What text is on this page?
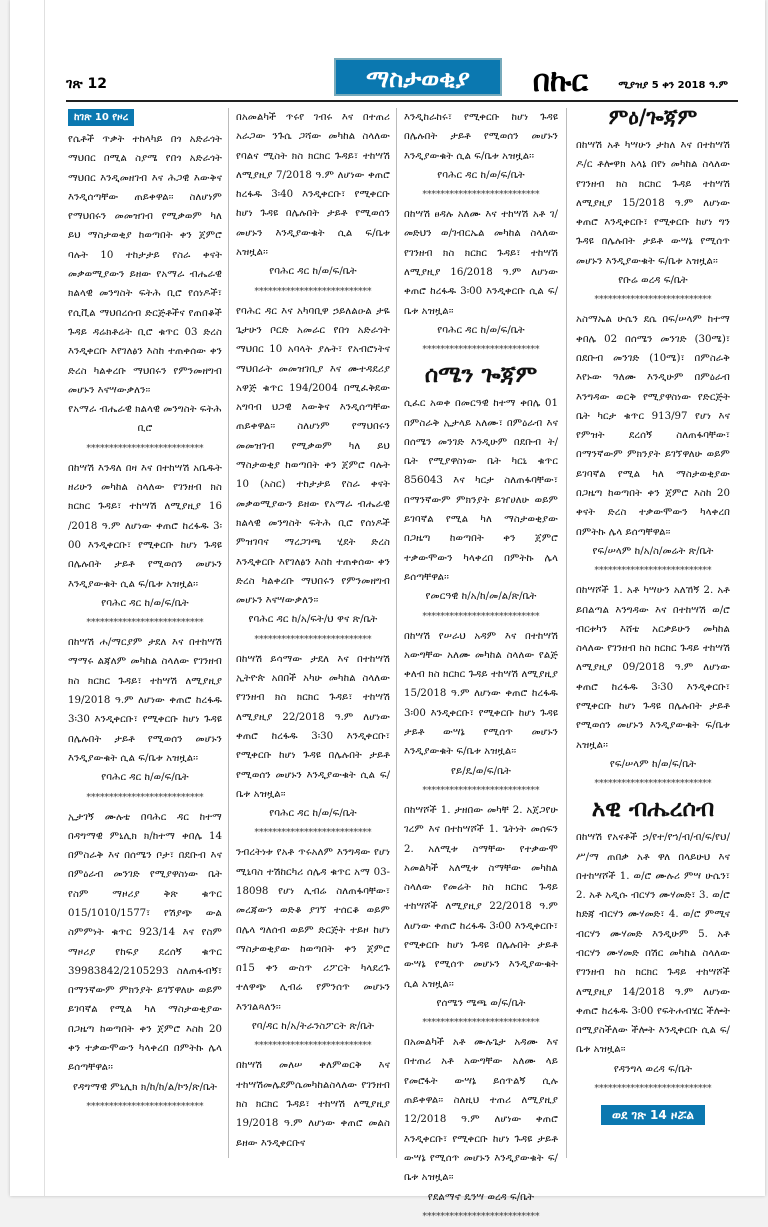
ገጽ 12	ማስታወቂያ	በኩር	ሚያዝያ 5 ቀን 2018 ዓ.ም
ከገጽ 10 የዞረ

የሴቶች ጥቃት ተከላካይ በጎ አድራጎት ማህበር በሚል ስያሜ የበጎ አድራጎት ማህበር እንዲመዘገብ እና ሕጋዊ እውቅና እንዲሰጣቸው ጠይቀዋል፡፡ ስለሆነም የማህበሩን መመዝገብ የሚቃወም ካለ ይህ ማስታወቂያ ከወጣበት ቀን ጀምሮ ባሉት 10 ተከታታይ የስራ ቀናት መቃወሚያውን ይዘው የአማራ ብሔራዊ ክልላዊ መንግስት ፍትሕ ቢሮ የሰነዶች፣ የሲቪል ማህበረሰብ ድርጅቶችና የጠበቆች ጉዳይ ዳሬክቶሬት ቢሮ ቁጥር 03 ድረስ እንዲቀርቡ እየገለፅን እስከ ተጠቀሰው ቀን ድረስ ካልቀረቡ ማህበሩን የምንመዘግብ መሆኑን እናሣውቃለን፡፡

የአማራ ብሔራዊ ክልላዊ መንግስት ፍትሕ ቢሮ

**************************

በከሣሽ እንዳለ በዛ እና በተከሣሽ አቤዱት ዘሪሁን መካከል ስላለው የገንዘብ ክስ ክርክር ጉዳይ፣ ተከሣሽ ለሚያዚያ 16 /2018 ዓ.ም ለሆነው ቀጠሮ ከረፋዱ 3፡00 እንዲቀርቡ፣ የሚቀርቡ ከሆነ ጉዳዩ በሌሉበት ታይቶ የሚወሰን መሆኑን እንዲያውቁት ሲል ፍ/ቤቱ አዝዟል፡፡

የባሕር ዳር ከ/ወ/ፍ/ቤት

**************************

በከሣሽ ሐ/ማርያም ታደለ እና በተከሣሽ ማማሩ ልጃለም መካከል ስላለው የገንዘብ ክስ ክርክር ጉዳይ፣ ተከሣሽ ለሚያዚያ 19/2018 ዓ.ም ለሆነው ቀጠሮ ከረፋዱ 3፡30 እንዲቀርቡ፣ የሚቀርቡ ከሆነ ጉዳዩ በሌሉበት ታይቶ የሚወሰን መሆኑን እንዲያውቁት ሲል ፍ/ቤቱ አዝዟል፡፡

የባሕር ዳር ከ/ወ/ፍ/ቤት

**************************

ኢታገኝ ሙሉቴ በባሕር ዳር ከተማ በዳግማዊ ምኒሊክ ክ/ከተማ ቀበሌ 14 በምስራቅ እና በሰሜን ቦታ፣ በደቡብ እና በምዕራብ መንገድ የሚያዋስነው ቤት የስም ማዞሪያ ቅጽ ቁጥር 015/1010/1577፣ የሽያጭ ውል ስምምነት ቁጥር 923/14 እና የስም ማዞሪያ የከፍያ ደረሰኝ ቁጥር 39983842/2105293 ስለጠፋብኝ፣ በማንኛውም ምክንያት ይገኘዋለሁ ወይም ይገባኛል የሚል ካለ ማስታወቂያው በጋዜጣ ከወጣበት ቀን ጀምሮ እስከ 20 ቀን ተቃውሞውን ካላቀረበ በምትኩ ሌላ ይሰጣቸዋል፡፡

የዳግማዊ ምኒሊክ ክ/ከ/ከ/ል/ኮን/ጽ/ቤት

**************************

በአመልካች ጥሩየ ገብሩ እና በተጠሪ አራጋው ንጉሴ ጋሻው መካከል ስላለው የባልና ሚስት ክስ ክርክር ጉዳይ፣ ተከሣሽ ለሚያዚያ 7/2018 ዓ.ም ለሆነው ቀጠሮ ከረፋዱ 3፡40 እንዲቀርቡ፣ የሚቀርቡ ከሆነ ጉዳዩ በሌሉበት ታይቶ የሚወሰን መሆኑን እንዲያውቁት ሲል ፍ/ቤቱ አዝዟል፡፡

የባሕር ዳር ከ/ወ/ፍ/ቤት

**************************

የባሕር ዳር እና አካባቢዋ ኃይለልዑል ታዬ ጌታሁን ቦርድ አመራር የበጎ አድራጎት ማህበር 10 አባላት ያሉት፣ የአብሮነትና ማህበራት መመዝገቢያ እና ሙተዳደሪያ አዋጅ ቁጥር 194/2004 በሚፈቅደው አግባብ ህጋዊ እውቅና እንዲሰጣቸው ጠይቀዋል፡፡ ስለሆነም የማህበሩን መመዝገብ የሚቃወም ካለ ይህ ማስታወቂያ ከወጣበት ቀን ጀምሮ ባሉት 10 (አስር) ተከታታይ የስራ ቀናት መቃወሚያውን ይዘው የአማራ ብሔራዊ ክልላዊ መንግስት ፍትሕ ቢሮ የሰነዶች ምዝገባና ማረጋገጫ ሂደት ድረስ እንዲቀርቡ እየገለፅን እስከ ተጠቀሰው ቀን ድረስ ካልቀረቡ ማህበሩን የምንመዘግብ መሆኑን እናሣውቃለን፡፡

የባሕር ዳር ከ/አ/ፍት/ህ ዋና ጽ/ቤት

**************************

በከሣሽ ይሳማው ታደለ እና በተከሣሽ ኢትዮጵ አበበች አካሁ መካከል ስላለው የገንዘብ ክስ ክርክር ጉዳይ፣ ተከሣሽ ለሚያዚያ 22/2018 ዓ.ም ለሆነው ቀጠሮ ከረፋዱ 3፡30 እንዲቀርቡ፣ የሚቀርቡ ከሆነ ጉዳዩ በሌሉበት ታይቶ የሚወሰን መሆኑን እንዲያውቁት ሲል ፍ/ቤቱ አዝዟል፡፡

የባሕር ዳር ከ/ወ/ፍ/ቤት

**************************

ንብረትነቱ የአቶ ጥሩአለም እንግዳው የሆነ ሚኒባስ ተሽከርካሪ ሰሌዳ ቁጥር አማ 03-18098 የሆነ ሊብሬ ስለጠፋባቸው፣ መረጃውን ወድቆ ያገኘ ተሰርቆ ወይም በሌላ ግለሰብ ወይም ድርጅት ተይዞ ከሆነ ማስታወቂያው ከወጣበት ቀን ጀምሮ በ15 ቀን ውስጥ ሪፖርት ካላደረጉ ተለዋጭ ሊብሬ የምንሰጥ መሆኑን እንገልጻለን፡፡

የባ/ዳር ከ/አ/ትራንስፖርት ጽ/ቤት

**************************

በከሣሽ መለሠ ቀለምወርቅ እና ተከሣሽመሌደምሴመካከልስላለው የገንዘብ ክስ ክርክር ጉዳይ፣ ተከሣሽ ለሚያዚያ 19/2018 ዓ.ም ለሆነው ቀጠሮ መልስ ይዘው እንዲቀርቡና

እንዲከራከሩ፣ የሚቀርቡ ከሆነ ጉዳዩ በሌሉበት ታይቶ የሚወሰን መሆኑን እንዲያውቁት ሲል ፍ/ቤቱ አዝዟል፡፡

የባሕር ዳር ከ/ወ/ፍ/ቤት

**************************

በከሣሽ ፀዳሉ አለሙ እና ተከሣሽ አቶ ገ/መድህን ወ/ገብርኤል መካከል ስላለው የገንዘብ ክስ ክርክር ጉዳይ፣ ተከሣሽ ለሚያዚያ 16/2018 ዓ.ም ለሆነው ቀጠሮ ከረፋዱ 3፡00 እንዲቀርቡ ሲል ፍ/ቤቱ አዝዟል፡፡

የባሕር ዳር ከ/ወ/ፍ/ቤት

**************************
ሰሜን ጐጃም

ሲፈር አወቀ በመርዓዊ ከተማ ቀበሌ 01 በምስራቅ ኢታላይ አለሙ፣ በምዕራብ እና በሰሜን መንገድ እንዲሁም በደቡብ ት/ቤት የሚያዋስነው ቤት ካርኒ ቁጥር 856043 እና ካርታ ስለጠፋባቸው፣ በማንኛውም ምክንያት ይዠሀለሁ ወይም ይገባኛል የሚል ካለ ማስታወቂያው በጋዜጣ ከወጣበት ቀን ጀምሮ ተቃውሞውን ካላቀረበ በምትኩ ሌላ ይሰጣቸዋል፡፡

የመርዓዊ ከ/አ/ከ/መ/ል/ጽ/ቤት

**************************

በከሣሽ የሠራህ አዳም እና በተከሣሽ አውግቸው አለሙ መካከል ስላለው የልጅ ቀለብ ክስ ክርክር ጉዳይ ተከሣሽ ለሚያዚያ 15/2018 ዓ.ም ለሆነው ቀጠሮ ከረፋዱ 3፡00 እንዲቀርቡ፣ የሚቀርቡ ከሆነ ጉዳዩ ታይቶ ውሣኔ የሚሰጥ መሆኑን እንዲያውቁት ፍ/ቤቱ አዝዟል፡፡

የይ/ዴ/ወ/ፍ/ቤት

**************************

በከሣሾች 1. ታዘበው መካቸ 2. አጀጋየሁ ገረም እና በተከሣሾች 1. ጌትነት መሰፍን 2. አለሚቱ ስማቸው የተቃውሞ አመልካች አለሚቱ ስማቸው መካከል ስላለው የመሬት ክስ ክርክር ጉዳይ ተከሣሾች ለሚያዚያ 22/2018 ዓ.ም ለሆነው ቀጠሮ ከረፋዱ 3፡00 እንዲቀርቡ፣ የሚቀርቡ ከሆነ ጉዳዩ በሌሉበት ታይቶ ውሣኔ የሚሰጥ መሆኑን እንዲያውቁት ሲል አዝዟል፡፡

የሰሜን ሜጫ ወ/ፍ/ቤት

**************************

በአመልካች አቶ ሙሉጌታ አዳሙ እና በተጠሪ አቶ አውግቸው አለሙ ላይ የመሮፋት ውሣኔ ይሰጥልኝ ሲሉ ጠይቀዋል፡፡ ስለዚህ ተጠሪ ለሚያዚያ 12/2018 ዓ.ም ለሆነው ቀጠሮ እንዲቀርቡ፣ የሚቀርቡ ከሆነ ጉዳዩ ታይቶ ውሣኔ የሚሰጥ መሆኑን እንዲያውቁት ፍ/ቤቱ አዝዟል፡፡

የደልማኖ ዴንሣ ወረዳ ፍ/ቤት

**************************
ምዕ/ጐጃም

በከሣሽ አቶ ካሣሁን ታከለ እና በተከሣሽ ዶ/ር ቶሎዋክ አላኔ በየነ መካከል ስላለው የገንዘብ ክስ ክርክር ጉዳይ ተከሣሽ ለሚያዚያ 15/2018 ዓ.ም ለሆነው ቀጠሮ እንዲቀርቡ፣ የሚቀርቡ ከሆነ ግን ጉዳዩ በሌሉበት ታይቶ ውሣኔ የሚሰጥ መሆኑን እንዲያውቁት ፍ/ቤቱ አዝዟል፡፡

የቡሬ ወረዳ ፍ/ቤት

**************************

አስማኤል ሁሴን ደሴ በፍ/ሠላም ከተማ ቀበሌ 02 በሰሜን መንገድ (30ሜ)፣ በደቡብ መንገድ (10ሜ)፣ በምስራቅ እየኑው ዓለሙ እንዲሁም በምዕራብ እንግዳው ወርቅ የሚያዋስነው የድርጅት ቤት ካርታ ቁጥር 913/97 የሆነ እና የምዝት ደረሰኝ ስለጠፋባቸው፣ በማንኛውም ምክንያት ይገኘዋለሁ ወይም ይገባኛል የሚል ካለ ማስታወቂያው በጋዜጣ ከወጣበት ቀን ጀምሮ እስከ 20 ቀናት ድረስ ተቃውሞውን ካላቀረበ በምትኩ ሌላ ይሰጣቸዋል፡፡

የፍ/ሠላም ከ/አ/ስ/መሬት ጽ/ቤት

**************************

በከሣሾች 1. አቶ ካሣሁን አለኸኝ 2. አቶ ይበልጣል እንግዳው እና በተከሣሽ ወ/ሮ ብርቱካን እሸቴ አርቃይሁን መካከል ስላለው የገንዘብ ክስ ክርክር ጉዳይ ተከሣሽ ለሚያዚያ 09/2018 ዓ.ም ለሆነው ቀጠሮ ከረፋዱ 3፡30 እንዲቀርቡ፣ የሚቀርቡ ከሆነ ጉዳዩ በሌሉበት ታይቶ የሚወሰን መሆኑን እንዲያውቁት ፍ/ቤቱ አዝዟል፡፡

የፍ/ሠላም ከ/ወ/ፍ/ቤት

**************************
አዊ ብሔረሰብ

በከሣሽ የአናቶች ኃ/የተ/የኀ/ብ/ብ/ፍ/የህ/ሥ/ማ ጠበቃ አቶ ዋለ በላይሁህ እና በተከሣሾች 1. ወ/ሮ ሙሉሪ ምሣ ሁሴን፣ 2. አቶ አዲሱ ብርሃን ሙሃመድ፣ 3. ወ/ሮ ከድጃ ብርሃን ሙሃመድ፣ 4. ወ/ሮ ምሚና ብርሃን ሙሃመድ እንዲሁም 5. አቶ ብርሃን ሙሃመድ በሽር መካከል ስላለው የገንዘብ ክስ ክርክር ጉዳይ ተከሣሾች ለሚያዚያ 14/2018 ዓ.ም ለሆነው ቀጠሮ ከረፋዱ 3፡00 የፍትሐብሄር ችሎት በሚያስችለው ችሎት እንዲቀርቡ ሲል ፍ/ቤቱ አዝዟል፡፡

የዳንግላ ወረዳ ፍ/ቤት

**************************
ወደ ገጽ 14 ዞሯል
